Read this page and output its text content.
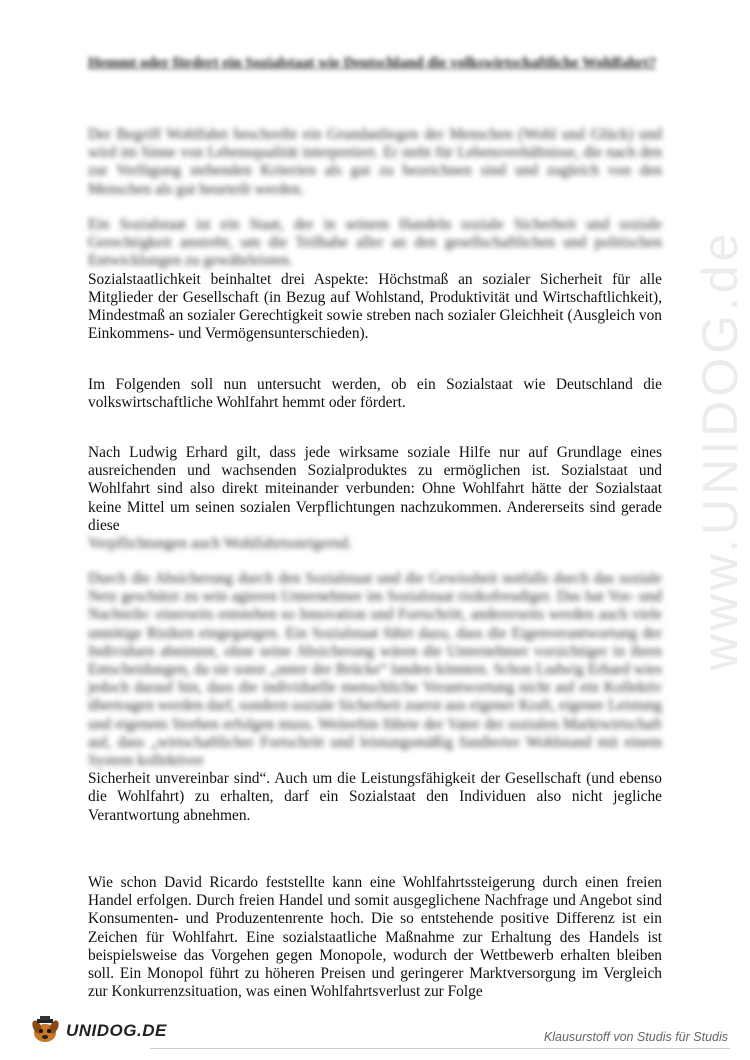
www.UNIDOG.de
Hemmt oder fördert ein Sozialstaat wie Deutschland die volkswirtschaftliche Wohlfahrt?
Der Begriff Wohlfahrt beschreibt ein Grundanliegen der Menschen (Wohl und Glück) und wird im Sinne von Lebensqualität interpretiert. Er steht für Lebensverhältnisse, die nach den zur Verfügung stehenden Kriterien als gut zu bezeichnen sind und zugleich von den Menschen als gut beurteilt werden.
Ein Sozialstaat ist ein Staat, der in seinem Handeln soziale Sicherheit und soziale Gerechtigkeit anstrebt, um die Teilhabe aller an den gesellschaftlichen und politischen Entwicklungen zu gewährleisten.
Sozialstaatlichkeit beinhaltet drei Aspekte: Höchstmaß an sozialer Sicherheit für alle Mitglieder der Gesellschaft (in Bezug auf Wohlstand, Produktivität und Wirtschaftlichkeit), Mindestmaß an sozialer Gerechtigkeit sowie streben nach sozialer Gleichheit (Ausgleich von Einkommens- und Vermögensunterschieden).
Im Folgenden soll nun untersucht werden, ob ein Sozialstaat wie Deutschland die volkswirtschaftliche Wohlfahrt hemmt oder fördert.
Nach Ludwig Erhard gilt, dass jede wirksame soziale Hilfe nur auf Grundlage eines ausreichenden und wachsenden Sozialproduktes zu ermöglichen ist. Sozialstaat und Wohlfahrt sind also direkt miteinander verbunden: Ohne Wohlfahrt hätte der Sozialstaat keine Mittel um seinen sozialen Verpflichtungen nachzukommen. Andererseits sind gerade diese
Verpflichtungen auch Wohlfahrtssteigernd.
Durch die Absicherung durch den Sozialstaat und die Gewissheit notfalls durch das soziale Netz geschützt zu sein agieren Unternehmer im Sozialstaat risikofreudiger. Das hat Vor- und Nachteile: einerseits entstehen so Innovation und Fortschritt, andererseits werden auch viele unnötige Risiken eingegangen. Ein Sozialstaat führt dazu, dass die Eigenverantwortung der Individuen abnimmt, ohne seine Absicherung wären die Unternehmer vorsichtiger in ihren Entscheidungen, da sie sonst „unter der Brücke“ landen könnten. Schon Ludwig Erhard wies jedoch darauf hin, dass die individuelle menschliche Verantwortung nicht auf ein Kollektiv übertragen werden darf, sondern soziale Sicherheit zuerst aus eigener Kraft, eigener Leistung und eigenem Streben erfolgen muss. Weiterhin führte der Vater der sozialen Marktwirtschaft auf, dass „wirtschaftlicher Fortschritt und leistungsmäßig fundierter Wohlstand mit einem System kollektiver
Sicherheit unvereinbar sind“. Auch um die Leistungsfähigkeit der Gesellschaft (und ebenso die Wohlfahrt) zu erhalten, darf ein Sozialstaat den Individuen also nicht jegliche Verantwortung abnehmen.
Wie schon David Ricardo feststellte kann eine Wohlfahrtssteigerung durch einen freien Handel erfolgen. Durch freien Handel und somit ausgeglichene Nachfrage und Angebot sind Konsumenten- und Produzentenrente hoch. Die so entstehende positive Differenz ist ein Zeichen für Wohlfahrt. Eine sozialstaatliche Maßnahme zur Erhaltung des Handels ist beispielsweise das Vorgehen gegen Monopole, wodurch der Wettbewerb erhalten bleiben soll. Ein Monopol führt zu höheren Preisen und geringerer Marktversorgung im Vergleich zur Konkurrenzsituation, was einen Wohlfahrtsverlust zur Folge
UNIDOG.DE	Klausurstoff von Studis für Studis
